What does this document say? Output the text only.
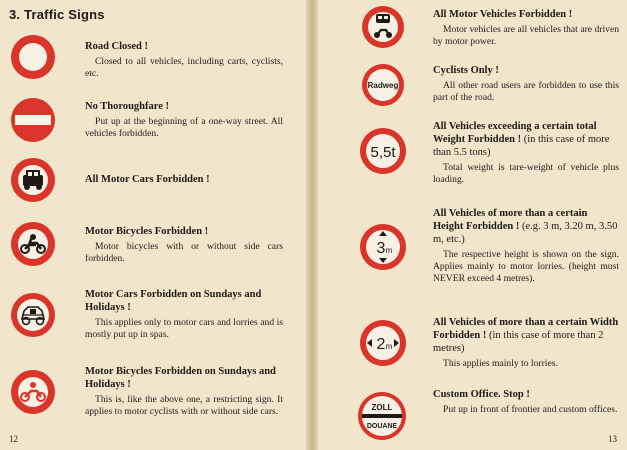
3. Traffic Signs
Road Closed !
Closed to all vehicles, including carts, cyclists, etc.
No Thoroughfare !
Put up at the beginning of a one-way street. All vehicles forbidden.
All Motor Cars Forbidden !
Motor Bicycles Forbidden !
Motor bicycles with or without side cars forbidden.
Motor Cars Forbidden on Sundays and Holidays !
This applies only to motor cars and lorries and is mostly put up in spas.
Motor Bicycles Forbidden on Sundays and Holidays !
This is, like the above one, a restricting sign. It applies to motor cyclists with or without side cars.
12
All Motor Vehicles Forbidden !
Motor vehicles are all vehicles that are driven by motor power.
Radweg
Cyclists Only !
All other road users are forbidden to use this part of the road.
5,5t
All Vehicles exceeding a certain total Weight Forbidden ! (in this case of more than 5.5 tons)
Total weight is tare-weight of vehicle plus loading.
3 m
All Vehicles of more than a certain Height Forbidden ! (e.g. 3 m, 3.20 m, 3.50 m, etc.)
The respective height is shown on the sign. Applies mainly to motor lorries. (height must NEVER exceed 4 metres).
2 m
All Vehicles of more than a certain Width Forbidden ! (in this case of more than 2 metres)
This applies mainly to lorries.
ZOLL
DOUANE
Custom Office. Stop !
Put up in front of frontier and custom offices.
13
